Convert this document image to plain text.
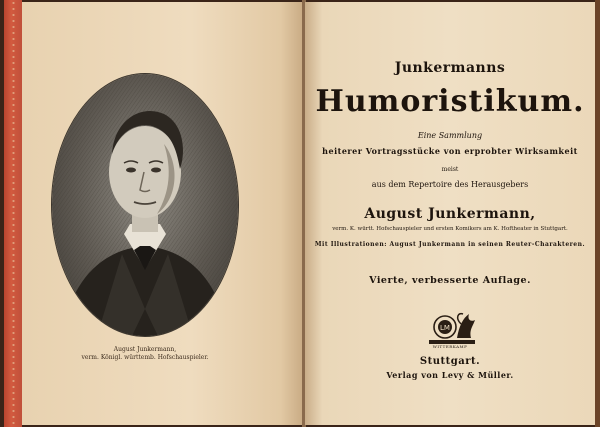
August Junkermann,
verm. Königl. württemb. Hofschauspieler.
Junkermanns
Humoristikum.
Eine Sammlung
heiterer Vortragsstücke von erprobter Wirksamkeit
meist
aus dem Repertoire des Herausgebers
August Junkermann,
verm. K. württ. Hofschauspieler und ersten Komikers am K. Hoftheater in Stuttgart.
Mit Illustrationen: August Junkermann in seinen Reuter-Charakteren.
Vierte, verbesserte Auflage.
LM
WITTERKAMP
Stuttgart.
Verlag von Levy & Müller.
